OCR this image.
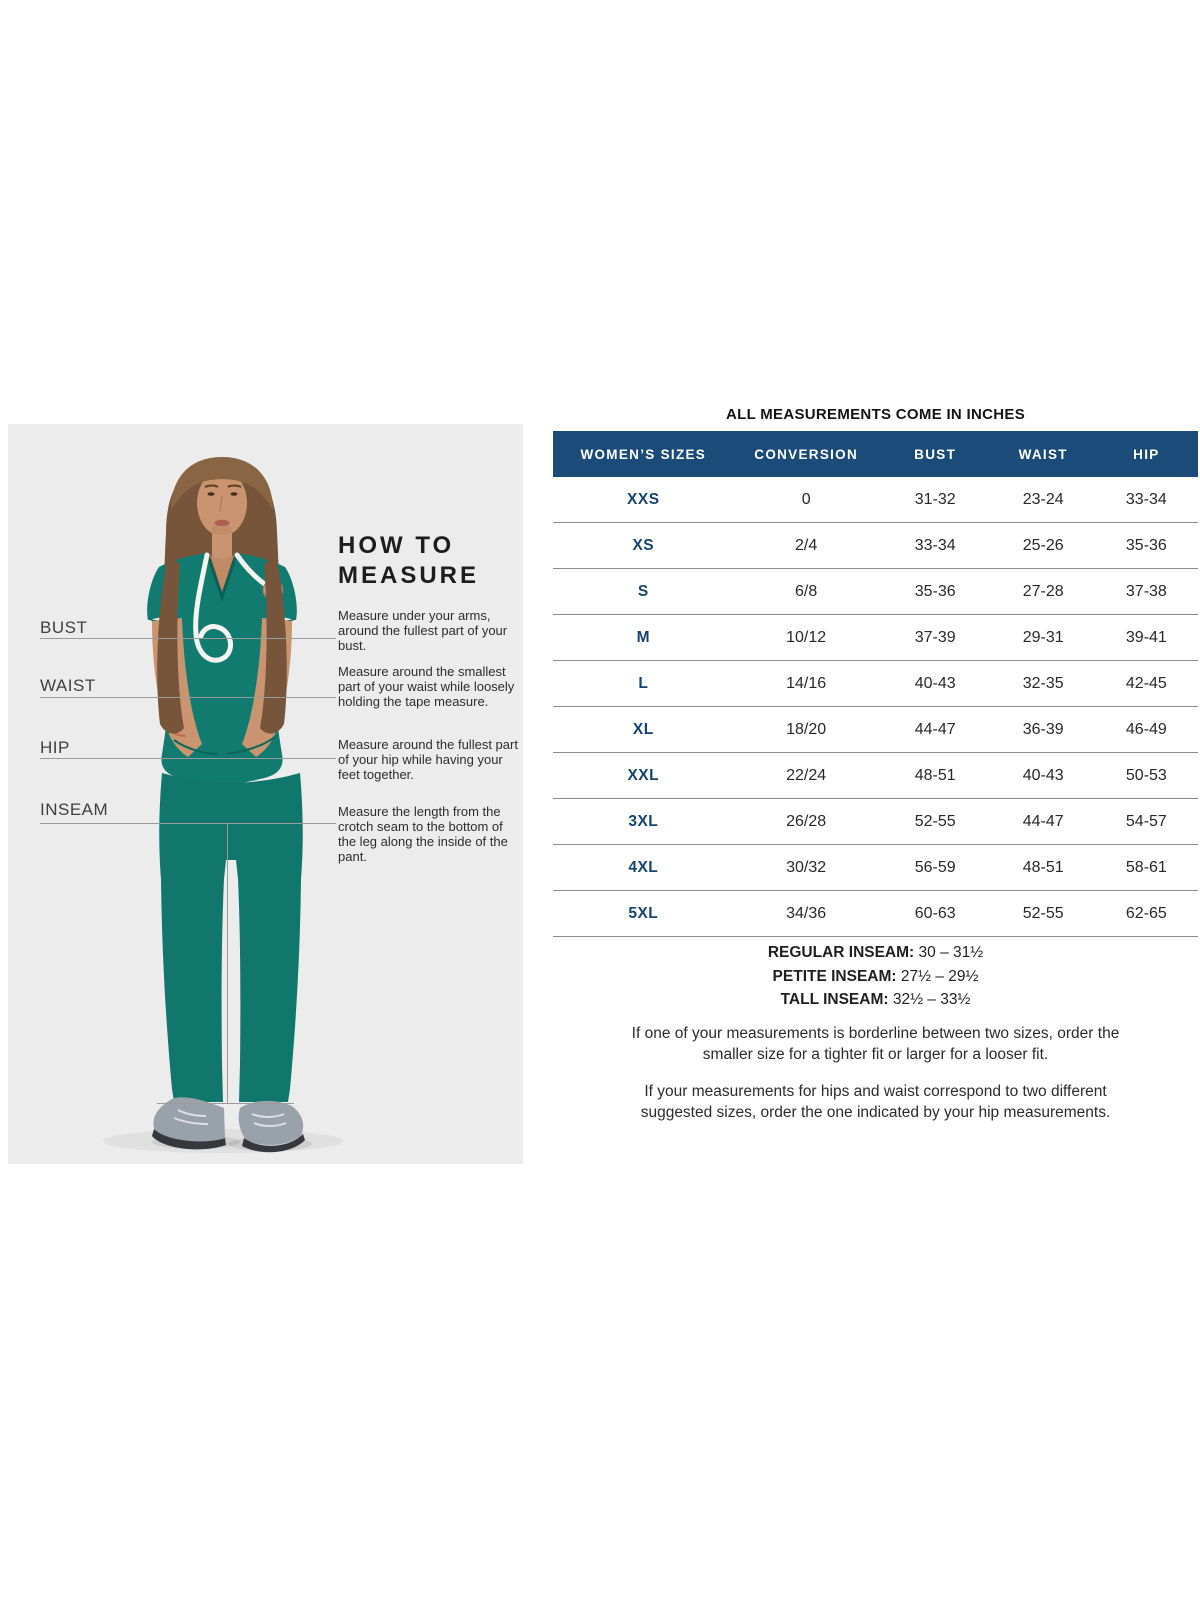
BUST
WAIST
HIP
INSEAM
HOW TO
MEASURE
Measure under your arms, around the fullest part of your bust.
Measure around the smallest part of your waist while loosely holding the tape measure.
Measure around the fullest part of your hip while having your feet together.
Measure the length from the crotch seam to the bottom of the leg along the inside of the pant.
ALL MEASUREMENTS COME IN INCHES
WOMEN’S SIZES	CONVERSION	BUST	WAIST	HIP
XXS	0	31-32	23-24	33-34
XS	2/4	33-34	25-26	35-36
S	6/8	35-36	27-28	37-38
M	10/12	37-39	29-31	39-41
L	14/16	40-43	32-35	42-45
XL	18/20	44-47	36-39	46-49
XXL	22/24	48-51	40-43	50-53
3XL	26/28	52-55	44-47	54-57
4XL	30/32	56-59	48-51	58-61
5XL	34/36	60-63	52-55	62-65
REGULAR INSEAM: 30 – 31½
PETITE INSEAM: 27½ – 29½
TALL INSEAM: 32½ – 33½
If one of your measurements is borderline between two sizes, order the
smaller size for a tighter fit or larger for a looser fit.
If your measurements for hips and waist correspond to two different
suggested sizes, order the one indicated by your hip measurements.
